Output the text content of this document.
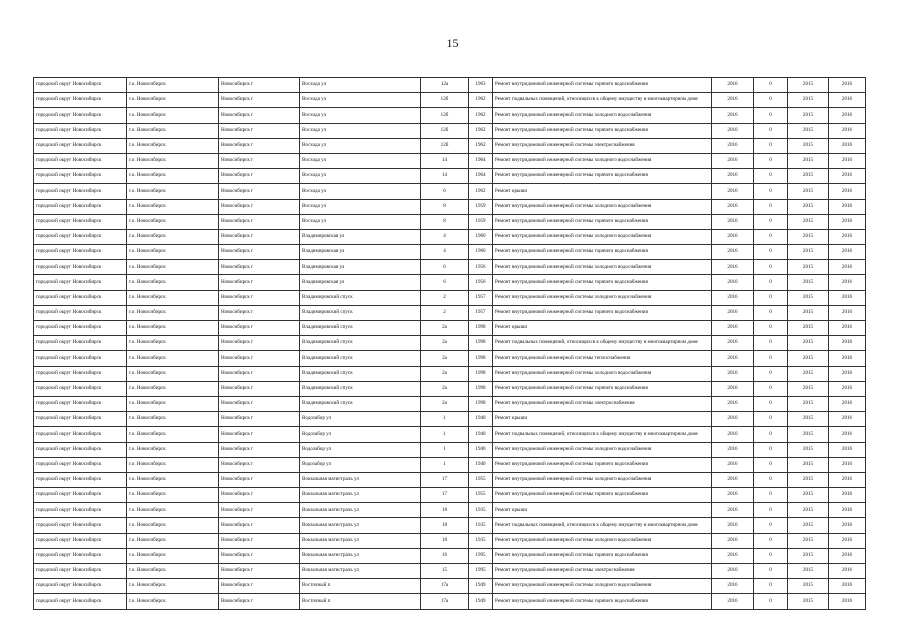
15
городской округ Новосибирск	г.о. Новосибирск	Новосибирск г	Восхода ул	12а	1963	Ремонт внутридомовой инженерной системы горячего водоснабжения	2016	0	2015	2016
городской округ Новосибирск	г.о. Новосибирск	Новосибирск г	Восхода ул	12б	1962	Ремонт подвальных помещений, относящихся к общему имуществу в многоквартирном доме	2016	0	2015	2016
городской округ Новосибирск	г.о. Новосибирск	Новосибирск г	Восхода ул	12б	1962	Ремонт внутридомовой инженерной системы холодного водоснабжения	2016	0	2015	2016
городской округ Новосибирск	г.о. Новосибирск	Новосибирск г	Восхода ул	12б	1962	Ремонт внутридомовой инженерной системы горячего водоснабжения	2016	0	2015	2016
городской округ Новосибирск	г.о. Новосибирск	Новосибирск г	Восхода ул	12б	1962	Ремонт внутридомовой инженерной системы электроснабжения	2016	0	2015	2016
городской округ Новосибирск	г.о. Новосибирск	Новосибирск г	Восхода ул	14	1964	Ремонт внутридомовой инженерной системы холодного водоснабжения	2016	0	2015	2016
городской округ Новосибирск	г.о. Новосибирск	Новосибирск г	Восхода ул	14	1964	Ремонт внутридомовой инженерной системы горячего водоснабжения	2016	0	2015	2016
городской округ Новосибирск	г.о. Новосибирск	Новосибирск г	Восхода ул	6	1962	Ремонт крыши	2016	0	2015	2016
городской округ Новосибирск	г.о. Новосибирск	Новосибирск г	Восхода ул	8	1959	Ремонт внутридомовой инженерной системы холодного водоснабжения	2016	0	2015	2016
городской округ Новосибирск	г.о. Новосибирск	Новосибирск г	Восхода ул	8	1959	Ремонт внутридомовой инженерной системы горячего водоснабжения	2016	0	2015	2016
городской округ Новосибирск	г.о. Новосибирск	Новосибирск г	Владимировская ул	4	1960	Ремонт внутридомовой инженерной системы холодного водоснабжения	2016	0	2015	2016
городской округ Новосибирск	г.о. Новосибирск	Новосибирск г	Владимировская ул	4	1960	Ремонт внутридомовой инженерной системы горячего водоснабжения	2016	0	2015	2016
городской округ Новосибирск	г.о. Новосибирск	Новосибирск г	Владимировская ул	6	1956	Ремонт внутридомовой инженерной системы холодного водоснабжения	2016	0	2015	2016
городской округ Новосибирск	г.о. Новосибирск	Новосибирск г	Владимировская ул	6	1956	Ремонт внутридомовой инженерной системы горячего водоснабжения	2016	0	2015	2016
городской округ Новосибирск	г.о. Новосибирск	Новосибирск г	Владимировский спуск	2	1957	Ремонт внутридомовой инженерной системы холодного водоснабжения	2016	0	2015	2016
городской округ Новосибирск	г.о. Новосибирск	Новосибирск г	Владимировский спуск	2	1957	Ремонт внутридомовой инженерной системы горячего водоснабжения	2016	0	2015	2016
городской округ Новосибирск	г.о. Новосибирск	Новосибирск г	Владимировский спуск	2а	1998	Ремонт крыши	2016	0	2015	2016
городской округ Новосибирск	г.о. Новосибирск	Новосибирск г	Владимировский спуск	2а	1998	Ремонт подвальных помещений, относящихся к общему имуществу в многоквартирном доме	2016	0	2015	2016
городской округ Новосибирск	г.о. Новосибирск	Новосибирск г	Владимировский спуск	2а	1998	Ремонт внутридомовой инженерной системы теплоснабжения	2016	0	2015	2016
городской округ Новосибирск	г.о. Новосибирск	Новосибирск г	Владимировский спуск	2а	1998	Ремонт внутридомовой инженерной системы холодного водоснабжения	2016	0	2015	2016
городской округ Новосибирск	г.о. Новосибирск	Новосибирск г	Владимировский спуск	2а	1998	Ремонт внутридомовой инженерной системы горячего водоснабжения	2016	0	2015	2016
городской округ Новосибирск	г.о. Новосибирск	Новосибирск г	Владимировский спуск	2а	1998	Ремонт внутридомовой инженерной системы электроснабжения	2016	0	2015	2016
городской округ Новосибирск	г.о. Новосибирск	Новосибирск г	Водозабор ул	1	1940	Ремонт крыши	2016	0	2015	2016
городской округ Новосибирск	г.о. Новосибирск	Новосибирск г	Водозабор ул	1	1940	Ремонт подвальных помещений, относящихся к общему имуществу в многоквартирном доме	2016	0	2015	2016
городской округ Новосибирск	г.о. Новосибирск	Новосибирск г	Водозабор ул	1	1940	Ремонт внутридомовой инженерной системы холодного водоснабжения	2016	0	2015	2016
городской округ Новосибирск	г.о. Новосибирск	Новосибирск г	Водозабор ул	1	1940	Ремонт внутридомовой инженерной системы горячего водоснабжения	2016	0	2015	2016
городской округ Новосибирск	г.о. Новосибирск	Новосибирск г	Вокзальная магистраль ул	17	1955	Ремонт внутридомовой инженерной системы холодного водоснабжения	2016	0	2015	2016
городской округ Новосибирск	г.о. Новосибирск	Новосибирск г	Вокзальная магистраль ул	17	1955	Ремонт внутридомовой инженерной системы горячего водоснабжения	2016	0	2015	2016
городской округ Новосибирск	г.о. Новосибирск	Новосибирск г	Вокзальная магистраль ул	18	1935	Ремонт крыши	2016	0	2015	2016
городской округ Новосибирск	г.о. Новосибирск	Новосибирск г	Вокзальная магистраль ул	18	1935	Ремонт подвальных помещений, относящихся к общему имуществу в многоквартирном доме	2016	0	2015	2016
городской округ Новосибирск	г.о. Новосибирск	Новосибирск г	Вокзальная магистраль ул	18	1935	Ремонт внутридомовой инженерной системы холодного водоснабжения	2016	0	2015	2016
городской округ Новосибирск	г.о. Новосибирск	Новосибирск г	Вокзальная магистраль ул	16	1995	Ремонт внутридомовой инженерной системы горячего водоснабжения	2016	0	2015	2016
городской округ Новосибирск	г.о. Новосибирск	Новосибирск г	Вокзальная магистраль ул	15	1995	Ремонт внутридомовой инженерной системы электроснабжения	2016	0	2015	2016
городской округ Новосибирск	г.о. Новосибирск	Новосибирск г	Восточный п	17а	1949	Ремонт внутридомовой инженерной системы холодного водоснабжения	2016	0	2015	2016
городской округ Новосибирск	г.о. Новосибирск	Новосибирск г	Восточный п	17а	1949	Ремонт внутридомовой инженерной системы горячего водоснабжения	2016	0	2015	2016
